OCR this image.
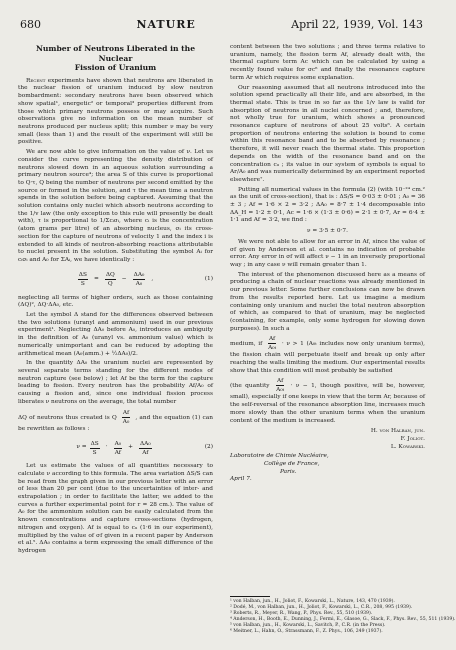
680	NATURE	April 22, 1939, Vol. 143
Number of Neutrons Liberated in the Nuclear
Fission of Uranium

Recent experiments have shown that neutrons are liberated in the nuclear fission of uranium induced by slow neutron bombardment: secondary neutrons have been observed which show spatial¹, energetic² or temporal³ properties different from those which primary neutrons possess or may acquire. Such observations give no information on the mean number of neutrons produced per nucleus split; this number ν may be very small (less than 1) and the result of the experiment will still be positive.

We are now able to give information on the value of ν. Let us consider the curve representing the density distribution of neutrons slowed down in an aqueous solution surrounding a primary neutron source⁴; the area S of this curve is proportional to Q·τ, Q being the number of neutrons per second emitted by the source or formed in the solution, and τ the mean time a neutron spends in the solution before being captured. Assuming that the solution contains only nuclei which absorb neutrons according to the 1/v law (the only exception to this rule will presently be dealt with), τ is proportional to 1/Σcᵢσᵢ, where cᵢ is the concentration (atom grams per litre) of an absorbing nucleus, σᵢ its cross-section for the capture of neutrons of velocity 1 and the index i is extended to all kinds of neutron-absorbing reactions attributable to nuclei present in the solution. Substituting the symbol Aᵢ for cᵢσᵢ and A₀ for ΣAᵢ, we have identically :

$\frac{\Delta S}{S} = \frac{\Delta Q}{Q} - \frac{\text{ΔA₀}}{\text{A₀}}$ ,	(1)

neglecting all terms of higher orders, such as those containing (ΔQ)², ΔQ·ΔA₀, etc.

Let the symbol Δ stand for the differences observed between the two solutions (uranyl and ammonium) used in our previous experiment¹. Neglecting ΔA₀ before A₀, introduces an ambiguity in the definition of A₀ (uranyl vs. ammonium value) which is numerically unimportant and can be reduced by adopting the arithmetical mean (A₀(amm.) + ½ΔA₀)/2.

In the quantity ΔA₀ the uranium nuclei are represented by several separate terms standing for the different modes of neutron capture (see below) ; let Af be the term for the capture leading to fission. Every neutron has the probability Af/A₀ of causing a fission and, since one individual fission process liberates ν neutrons on the average, the total number

ΔQ of neutrons thus created is Q $\frac{Af}{\text{A₀}}$ , and the equation (1) can be rewritten as follows :

$\nu = \frac{\Delta S}{S} \cdot \frac{\text{A₀}}{Af} + \frac{\text{ΔA₀}}{Af}$	(2)

Let us estimate the values of all quantities necessary to calculate ν according to this formula. The area variation ΔS/S can be read from the graph given in our previous letter with an error of less than 20 per cent (due to the uncertainties of inter- and extrapolation ; in order to facilitate the latter, we added to the curves a further experimental point for r = 28 cm.). The value of A₀ for the ammonium solution can be easily calculated from the known concentrations and capture cross-sections (hydrogen, nitrogen and oxygen). Af is equal to cᵤ (1·6 in our experiment), multiplied by the value of σf given in a recent paper by Anderson et al.⁵. ΔA₀ contains a term expressing the small difference of the hydrogen

content between the two solutions ; and three terms relative to uranium, namely, the fission term Af, already dealt with, the thermal capture term Ac which can be calculated by using a recently found value for σc⁶ and finally the resonance capture term Ar which requires some explanation.

Our reasoning assumed that all neutrons introduced into the solution spend practically all their life, and are absorbed, in the thermal state. This is true in so far as the 1/v law is valid for absorption of neutrons in all nuclei concerned ; and, therefore, not wholly true for uranium, which shows a pronounced resonance capture of neutrons of about 25 volts⁶. A certain proportion of neutrons entering the solution is bound to come within this resonance band and to be absorbed by resonance ; therefore, it will never reach the thermal state. This proportion depends on the width of the resonance band and on the concentration cᵤ ; its value in our system of symbols is equal to Ar/A₀ and was numerically determined by an experiment reported elsewhere⁷.

Putting all numerical values in the formula (2) (with 10⁻²⁴ cm.² as the unit of cross-section), that is : ΔS/S = 0·03 ± 0·01 ; A₀ = 36 ± 3 ; Af = 1·6 × 2 = 3·2 ; ΔA₀ = 8·7 ± 1·4 decomposable into ΔA_H = 1·2 ± 0·1, Ac = 1·6 × (1·3 ± 0·6) = 2·1 ± 0·7, Ar = 6·4 ± 1·1 and Af = 3·2, we find :

ν = 3·5 ± 0·7.

We were not able to allow for an error in Af, since the value of σf given by Anderson et al. contains no indication of probable error. Any error in σf will affect ν − 1 in an inversely proportional way ; in any case ν will remain greater than 1.

The interest of the phenomenon discussed here as a means of producing a chain of nuclear reactions was already mentioned in our previous letter. Some further conclusions can now be drawn from the results reported here. Let us imagine a medium containing only uranium and nuclei the total neutron absorption of which, as compared to that of uranium, may be neglected (containing, for example, only some hydrogen for slowing down purposes). In such a

medium, if $\frac{Af}{\text{A₀ₜ}} \cdot \nu > 1$ (A₀ₜ includes now only uranium terms), the fission chain will perpetuate itself and break up only after reaching the walls limiting the medium. Our experimental results show that this condition will most probably be satisfied

(the quantity $\frac{Af}{\text{A₀ₜ}} \cdot \nu - 1$, though positive, will be, however, small), especially if one keeps in view that the term Ar, because of the self-reversal of the resonance absorption line, increases much more slowly than the other uranium terms when the uranium content of the medium is increased.

H. von Halban, jun.
F. Joliot.
L. Kowarski.
Laboratoire de Chimie Nucléaire,
Collège de France,
Paris.
April 7.
¹ von Halban, jun., H., Joliot, F., Kowarski, L., Nature, 143, 470 (1939).
² Dodé, M., von Halban, jun., H., Joliot, F., Kowarski, L., C.R., 208, 995 (1939).
³ Roberts, R., Meyer, R., Wang, P., Phys. Rev., 55, 510 (1939).
⁴ Anderson, H., Booth, E., Dunning, J., Fermi, E., Glasoe, G., Slack, F., Phys. Rev., 55, 511 (1939).
⁵ von Halban, jun., H., Kowarski, L., Savitch, P., C.R. (in the Press).
⁶ Meitner, L., Hahn, O., Strassmann, F., Z. Phys., 106, 249 (1937).
